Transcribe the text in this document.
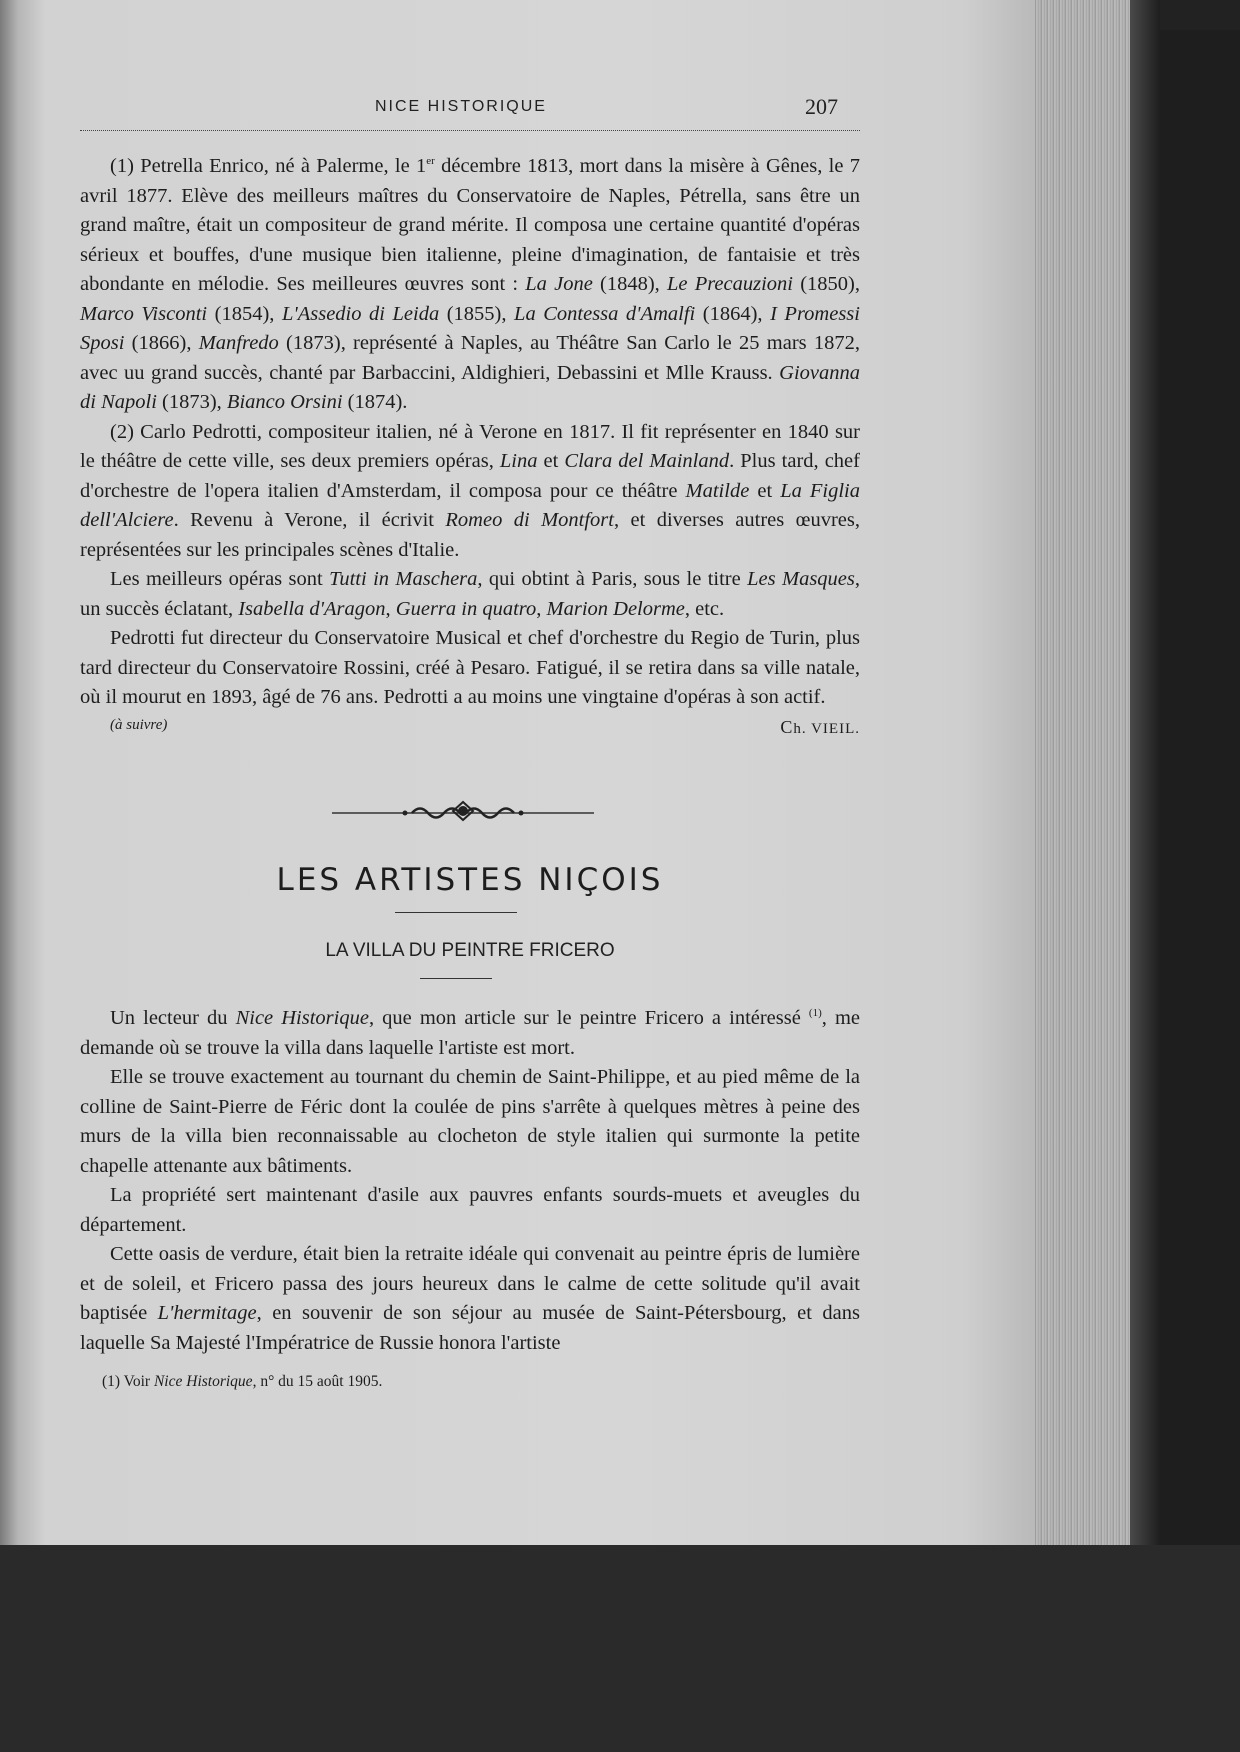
NICE HISTORIQUE	207

(1) Petrella Enrico, né à Palerme, le 1er décembre 1813, mort dans la misère à Gênes, le 7 avril 1877. Elève des meilleurs maîtres du Conservatoire de Naples, Pétrella, sans être un grand maître, était un compositeur de grand mérite. Il composa une certaine quantité d'opéras sérieux et bouffes, d'une musique bien italienne, pleine d'imagination, de fantaisie et très abondante en mélodie. Ses meilleures œuvres sont : La Jone (1848), Le Precauzioni (1850), Marco Visconti (1854), L'Assedio di Leida (1855), La Contessa d'Amalfi (1864), I Promessi Sposi (1866), Manfredo (1873), représenté à Naples, au Théâtre San Carlo le 25 mars 1872, avec uu grand succès, chanté par Barbaccini, Aldighieri, Debassini et Mlle Krauss. Giovanna di Napoli (1873), Bianco Orsini (1874).

(2) Carlo Pedrotti, compositeur italien, né à Verone en 1817. Il fit représenter en 1840 sur le théâtre de cette ville, ses deux premiers opéras, Lina et Clara del Mainland. Plus tard, chef d'orchestre de l'opera italien d'Amsterdam, il composa pour ce théâtre Matilde et La Figlia dell'Alciere. Revenu à Verone, il écrivit Romeo di Montfort, et diverses autres œuvres, représentées sur les principales scènes d'Italie.

Les meilleurs opéras sont Tutti in Maschera, qui obtint à Paris, sous le titre Les Masques, un succès éclatant, Isabella d'Aragon, Guerra in quatro, Marion Delorme, etc.

Pedrotti fut directeur du Conservatoire Musical et chef d'orchestre du Regio de Turin, plus tard directeur du Conservatoire Rossini, créé à Pesaro. Fatigué, il se retira dans sa ville natale, où il mourut en 1893, âgé de 76 ans. Pedrotti a au moins une vingtaine d'opéras à son actif.

(à suivre)	Ch. VIEIL.
LES ARTISTES NIÇOIS
LA VILLA DU PEINTRE FRICERO

Un lecteur du Nice Historique, que mon article sur le peintre Fricero a intéressé $^{(1)}$, me demande où se trouve la villa dans laquelle l'artiste est mort.

Elle se trouve exactement au tournant du chemin de Saint-Philippe, et au pied même de la colline de Saint-Pierre de Féric dont la coulée de pins s'arrête à quelques mètres à peine des murs de la villa bien reconnaissable au clocheton de style italien qui surmonte la petite chapelle attenante aux bâtiments.

La propriété sert maintenant d'asile aux pauvres enfants sourds-muets et aveugles du département.

Cette oasis de verdure, était bien la retraite idéale qui convenait au peintre épris de lumière et de soleil, et Fricero passa des jours heureux dans le calme de cette solitude qu'il avait baptisée L'hermitage, en souvenir de son séjour au musée de Saint-Pétersbourg, et dans laquelle Sa Majesté l'Impératrice de Russie honora l'artiste

(1) Voir Nice Historique, n° du 15 août 1905.
